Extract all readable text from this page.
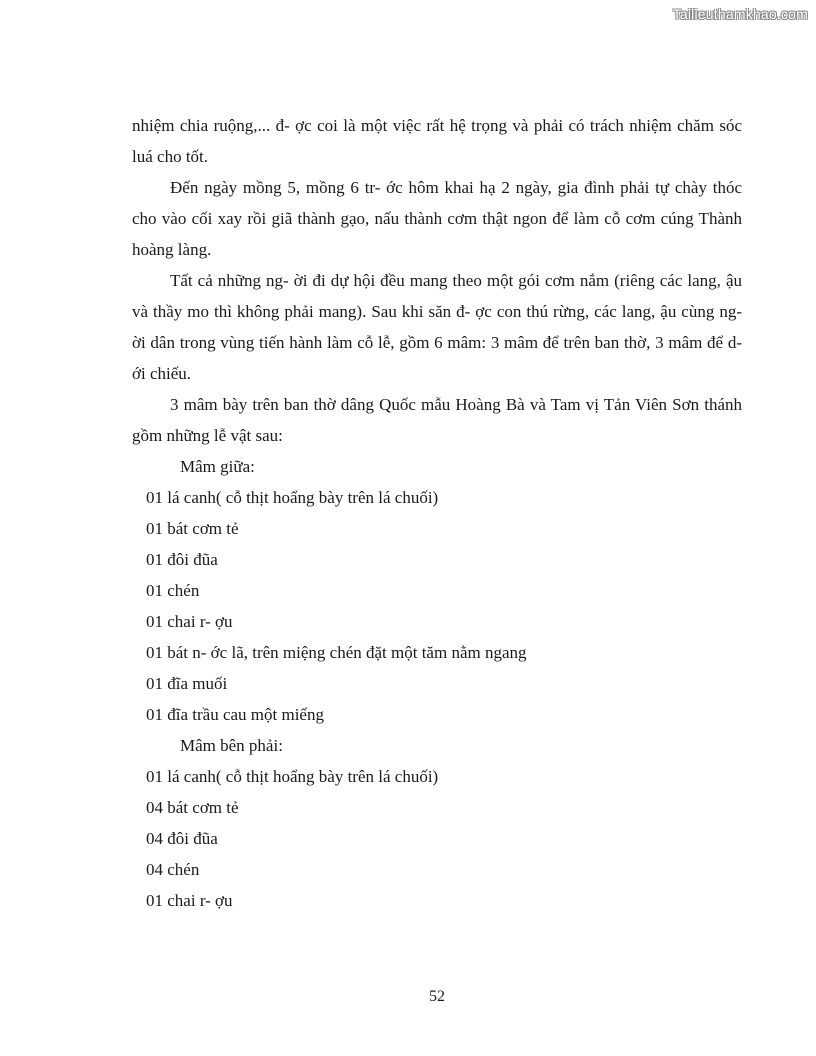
Tailieuthamkhao.com

nhiệm chia ruộng,... đ- ợc coi là một việc rất hệ trọng và phải có trách nhiệm chăm sóc luá cho tốt.

Đến ngày mồng 5, mồng 6 tr- ớc hôm khai hạ 2 ngày, gia đình phải tự chày thóc cho vào cối xay rồi giã thành gạo, nấu thành cơm thật ngon để làm cỗ cơm cúng Thành hoàng làng.

Tất cả những ng- ời đi dự hội đều mang theo một gói cơm nắm (riêng các lang, ậu và thầy mo thì không phải mang). Sau khi săn đ- ợc con thú rừng, các lang, ậu cùng ng- ời dân trong vùng tiến hành làm cỗ lễ, gồm 6 mâm: 3 mâm để trên ban thờ, 3 mâm để d- ới chiếu.

3 mâm bày trên ban thờ dâng Quốc mẫu Hoàng Bà và Tam vị Tản Viên Sơn thánh gồm những lễ vật sau:

Mâm giữa:

01 lá canh( cỗ thịt hoẩng bày trên lá chuối)

01 bát cơm tẻ

01 đôi đũa

01 chén

01 chai r- ợu

01 bát n- ớc lã, trên miệng chén đặt một tăm nằm ngang

01 đĩa muối

01 đĩa trầu cau một miếng

Mâm bên phải:

01 lá canh( cỗ thịt hoẩng bày trên lá chuối)

04 bát cơm tẻ

04 đôi đũa

04 chén

01 chai r- ợu

52
